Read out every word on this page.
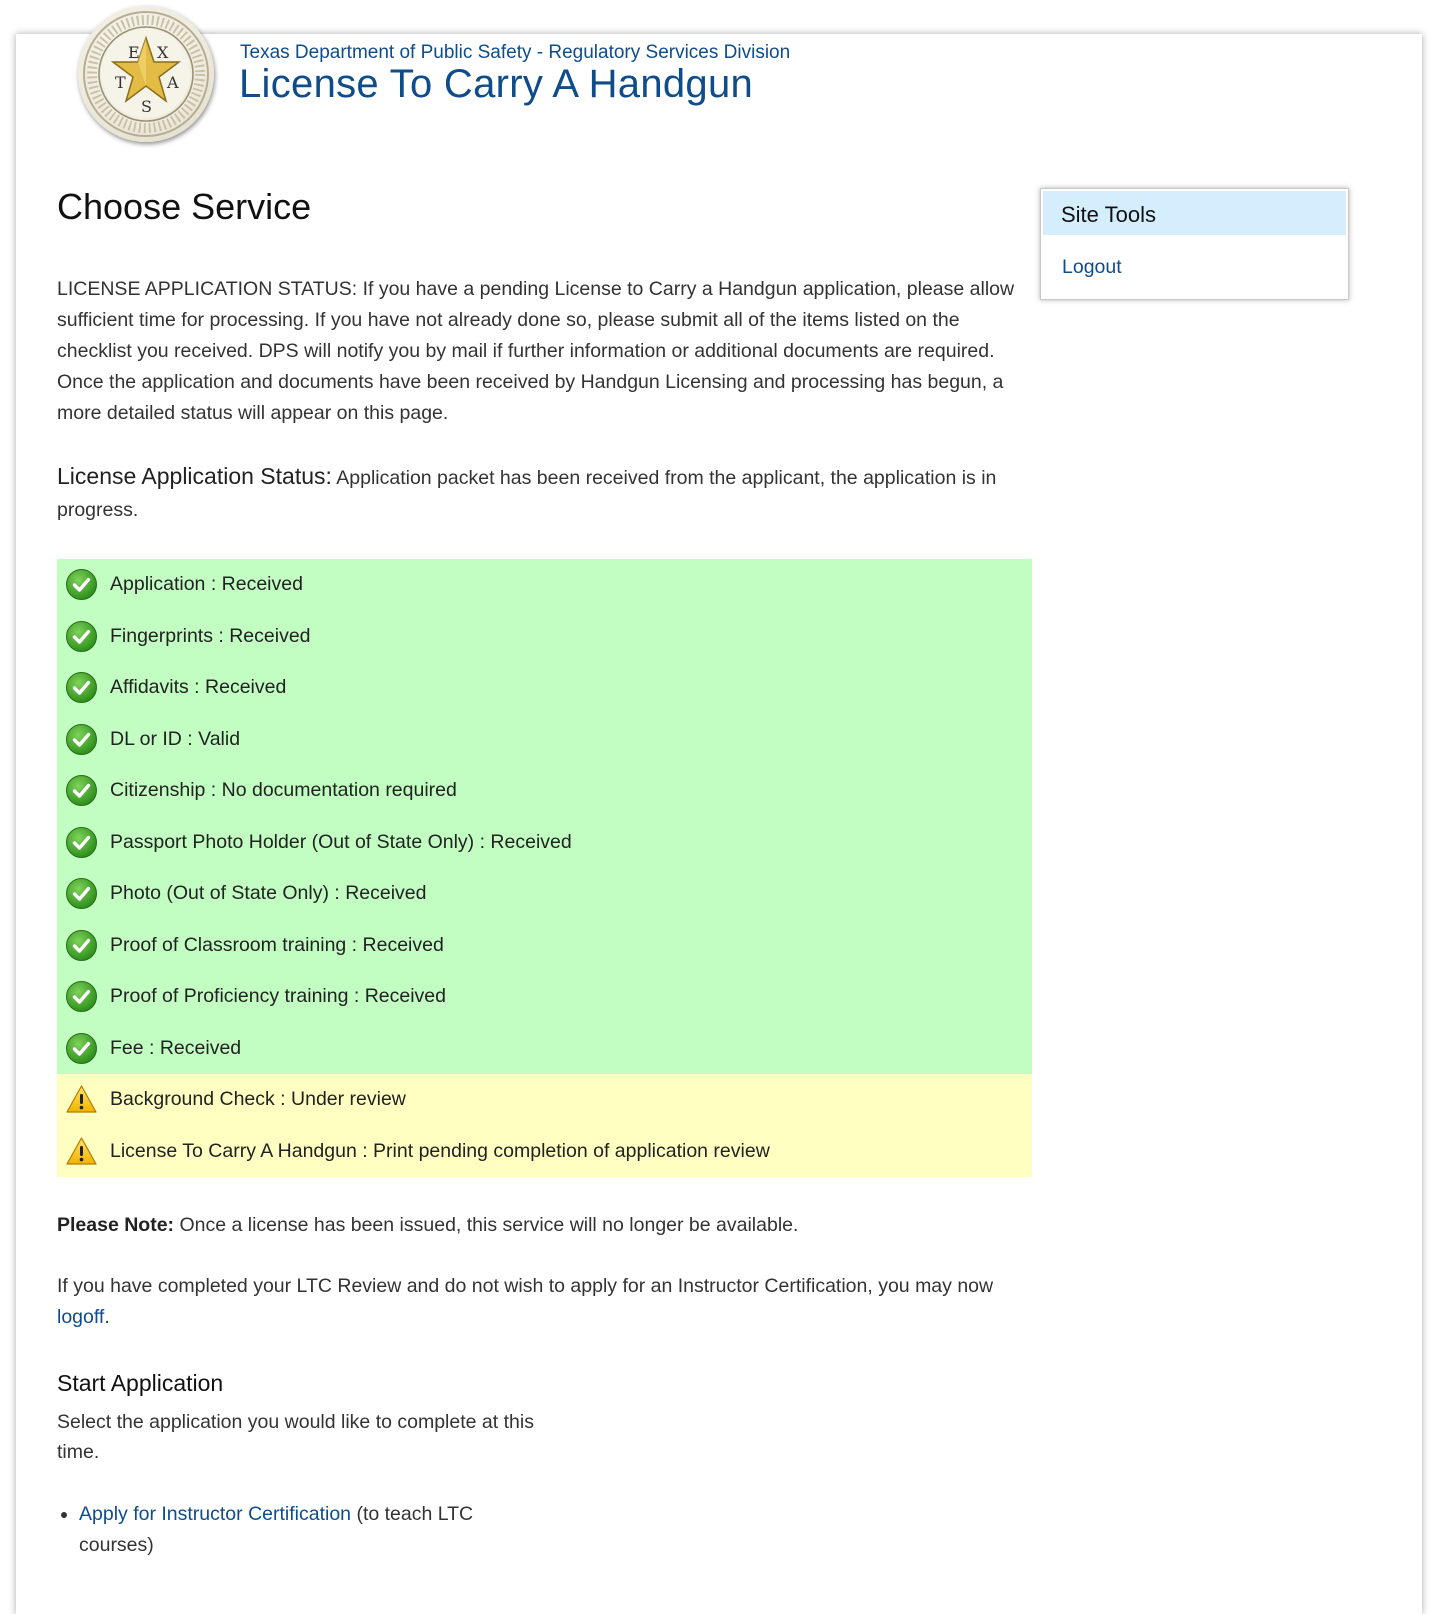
E X
T	A
S
Texas Department of Public Safety - Regulatory Services Division
License To Carry A Handgun
Choose Service

LICENSE APPLICATION STATUS: If you have a pending License to Carry a Handgun application, please allow sufficient time for processing. If you have not already done so, please submit all of the items listed on the checklist you received. DPS will notify you by mail if further information or additional documents are required. Once the application and documents have been received by Handgun Licensing and processing has begun, a more detailed status will appear on this page.

License Application Status: Application packet has been received from the applicant, the application is in progress.

Application : Received
Fingerprints : Received
Affidavits : Received
DL or ID : Valid
Citizenship : No documentation required
Passport Photo Holder (Out of State Only) : Received
Photo (Out of State Only) : Received
Proof of Classroom training : Received
Proof of Proficiency training : Received
Fee : Received
Background Check : Under review
License To Carry A Handgun : Print pending completion of application review

Please Note: Once a license has been issued, this service will no longer be available.

If you have completed your LTC Review and do not wish to apply for an Instructor Certification, you may now logoff.

Start Application

Select the application you would like to complete at this time.

• Apply for Instructor Certification (to teach LTC courses)
Site Tools
Logout
